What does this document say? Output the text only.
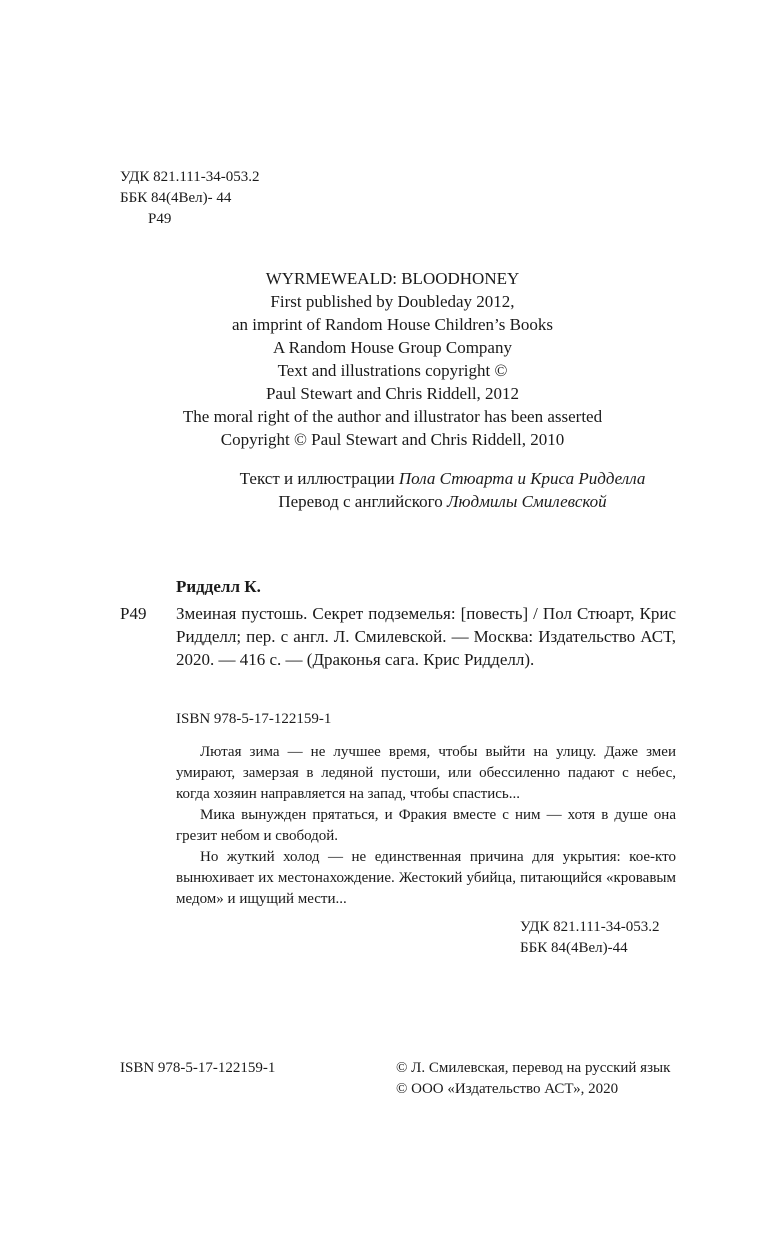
УДК 821.111-34-053.2
ББК 84(4Вел)- 44
Р49
WYRMEWEALD: BLOODHONEY
First published by Doubleday 2012,
an imprint of Random House Children’s Books
A Random House Group Company
Text and illustrations copyright ©
Paul Stewart and Chris Riddell, 2012
The moral right of the author and illustrator has been asserted
Copyright © Paul Stewart and Chris Riddell, 2010
Текст и иллюстрации Пола Стюарта и Криса Ридделла
Перевод с английского Людмилы Смилевской
Ридделл К.
Р49 Змеиная пустошь. Секрет подземелья: [повесть] / Пол Стюарт, Крис Ридделл; пер. с англ. Л. Смилевской. — Москва: Издательство АСТ, 2020. — 416 с. — (Драконья сага. Крис Ридделл).

ISBN 978-5-17-122159-1

Лютая зима — не лучшее время, чтобы выйти на улицу. Даже змеи умирают, замерзая в ледяной пустоши, или обессиленно падают с небес, когда хозяин направляется на запад, чтобы спастись...

Мика вынужден прятаться, и Фракия вместе с ним — хотя в душе она грезит небом и свободой.

Но жуткий холод — не единственная причина для укрытия: кое-кто вынюхивает их местонахождение. Жестокий убийца, питающийся «кровавым медом» и ищущий мести...

УДК 821.111-34-053.2
ББК 84(4Вел)-44
ISBN 978-5-17-122159-1	© Л. Смилевская, перевод на русский язык
© ООО «Издательство АСТ», 2020
